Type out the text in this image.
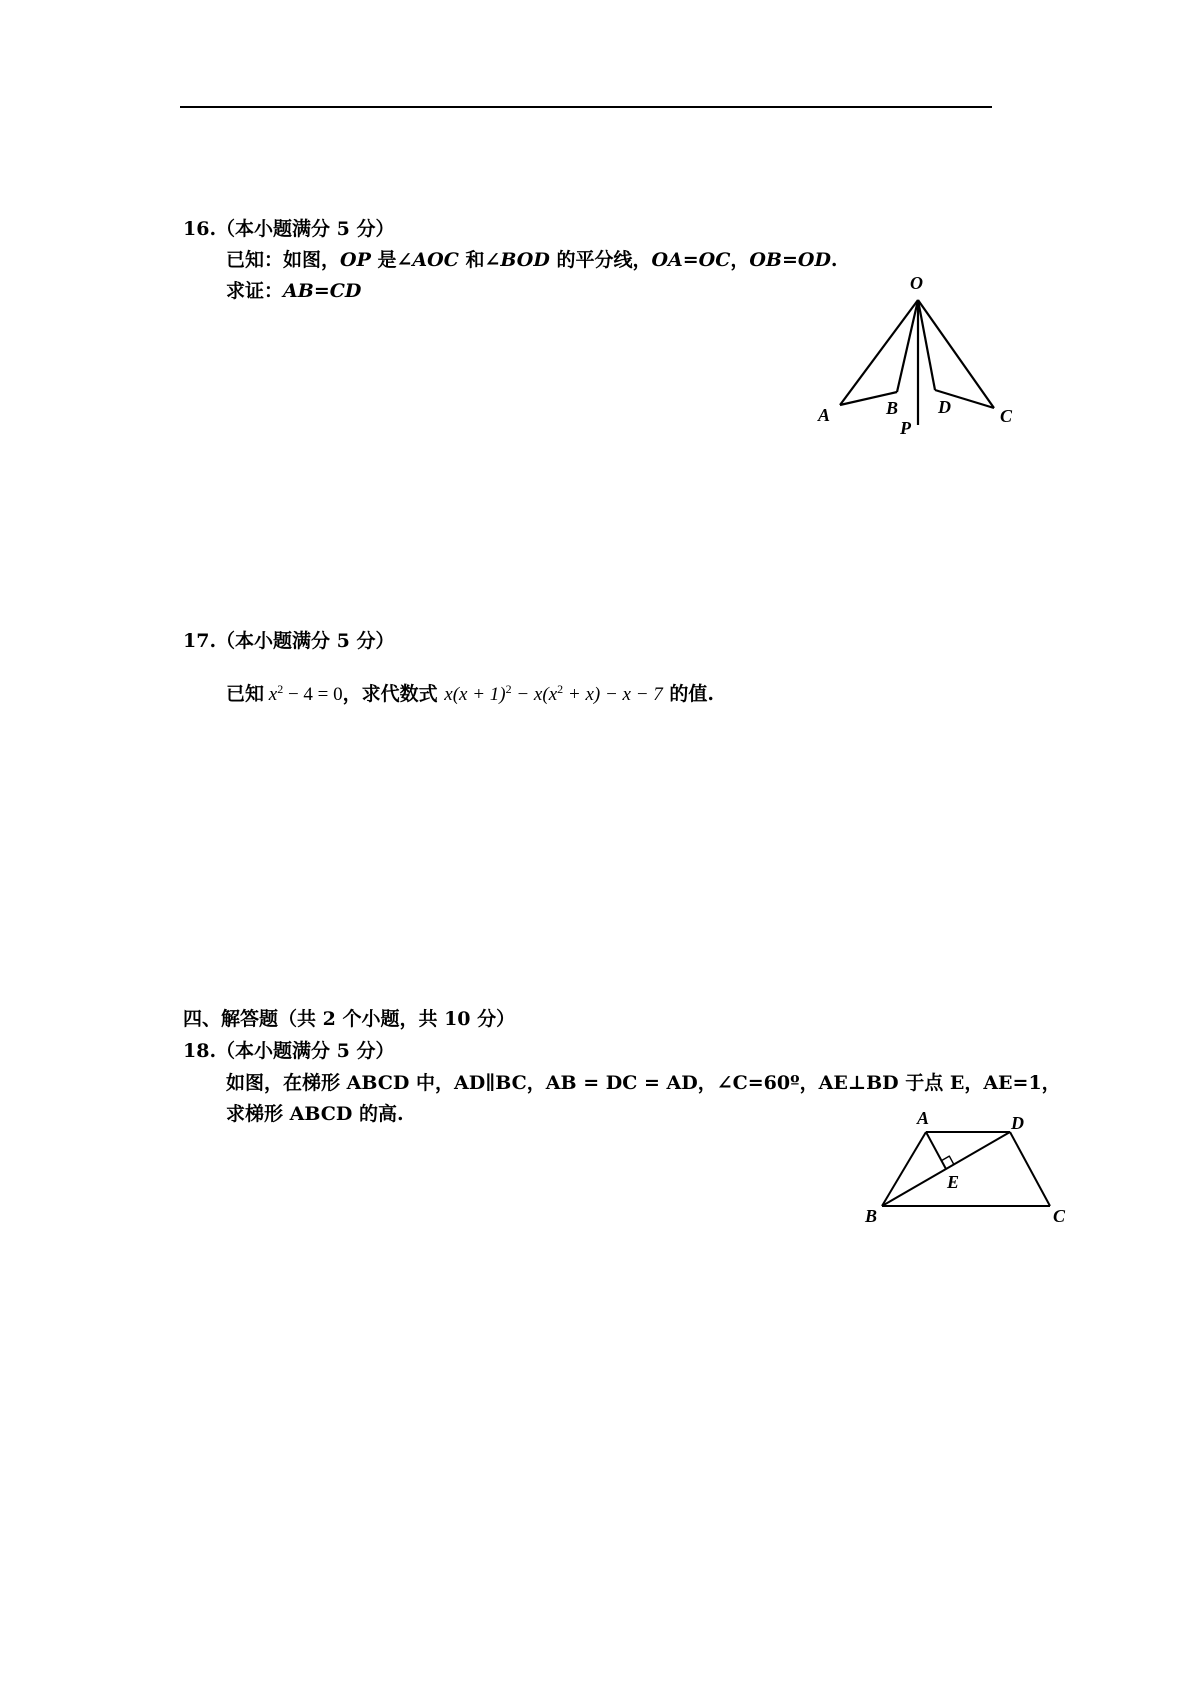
16.（本小题满分 5 分）
已知：如图，OP 是∠AOC 和∠BOD 的平分线，OA=OC，OB=OD.
求证：AB=CD	O
A	B
P
D	C
17.（本小题满分 5 分）
已知 $x^2 - 4 = 0$，求代数式 $x(x + 1)^2 - x(x^2 + x) - x - 7$ 的值.
四、解答题（共 2 个小题，共 10 分）
18.（本小题满分 5 分）
如图，在梯形 ABCD 中，AD∥BC，AB = DC = AD，∠C=60º，AE⊥BD 于点 E，AE=1，
求梯形 ABCD 的高.	A	D
E
B	C
